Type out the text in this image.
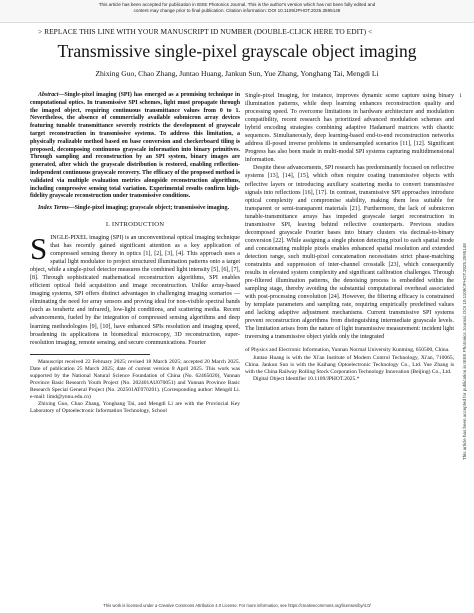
This article has been accepted for publication in IEEE Photonics Journal. This is the author's version which has not been fully edited and
content may change prior to final publication. Citation information: DOI 10.1109/JPHOT.2025.3595148
> REPLACE THIS LINE WITH YOUR MANUSCRIPT ID NUMBER (DOUBLE-CLICK HERE TO EDIT) <
Transmissive single-pixel grayscale object imaging
Zhixing Guo, Chao Zhang, Juntao Huang, Jankun Sun, Yue Zhang, Yonghang Tai, Mengdi Li
1

Abstract—Single-pixel imaging (SPI) has emerged as a promising technique in computational optics. In transmissive SPI schemes, light must propagate through the imaged object, requiring continuous transmittance values from 0 to 1. Nevertheless, the absence of commercially available submicron array devices featuring tunable transmittance severely restricts the development of grayscale target reconstruction in transmissive systems. To address this limitation, a physically realizable method based on base conversion and checkerboard tiling is proposed, decomposing continuous grayscale information into binary primitives. Through sampling and reconstruction by an SPI system, binary images are generated, after which the grayscale distribution is restored, enabling reflection-independent continuous grayscale recovery. The efficacy of the proposed method is validated via multiple evaluation metrics alongside reconstruction algorithms, including compressive sensing total variation. Experimental results confirm high-fidelity grayscale reconstruction under transmissive conditions.

Index Terms—Single-pixel imaging; grayscale object; transmissive imaging.

I. INTRODUCTION

SINGLE-PIXEL imaging (SPI) is an unconventional optical imaging technique that has recently gained significant attention as a key application of compressed sensing theory in optics [1], [2], [3], [4]. This approach uses a spatial light modulator to project structured illumination patterns onto a target object, while a single-pixel detector measures the combined light intensity [5], [6], [7], [8]. Through sophisticated mathematical reconstruction algorithms, SPI enables efficient optical field acquisition and image reconstruction. Unlike array-based imaging systems, SPI offers distinct advantages in challenging imaging scenarios — eliminating the need for array sensors and proving ideal for non-visible spectral bands (such as terahertz and infrared), low-light conditions, and scattering media. Recent advancements, fueled by the integration of compressed sensing algorithms and deep learning methodologies [9], [10], have enhanced SPIs resolution and imaging speed, broadening its applications in biomedical microscopy, 3D reconstruction, super-resolution imaging, remote sensing, and secure communications. Fourier

Manuscript received 22 February 2025; revised 18 March 2025; accepted 20 March 2025. Date of publication 25 March 2025; date of current version 8 April 2025. This work was supported by the National Natural Science Foundation of China (No. 62465020), Yunnan Province Basic Research Youth Project (No. 202401AU070051) and Yunnan Province Basic Research Special General Project (No. 202501AT070201). (Corresponding author: Mengdi Li. e-mail: limd@ynnu.edu.cn)

Zhixing Guo, Chao Zhang, Yonghang Tai, and Mengdi Li are with the Provincial Key Laboratory of Optoelectronic Information Technology, School

Single-pixel Imaging, for instance, improves dynamic scene capture using binary illumination patterns, while deep learning enhances reconstruction quality and processing speed. To overcome limitations in hardware architecture and modulation compatibility, recent research has prioritized advanced modulation schemes and hybrid encoding strategies combining adaptive Hadamard matrices with chaotic sequences. Simultaneously, deep learning-based end-to-end reconstruction networks address ill-posed inverse problems in undersampled scenarios [11], [12]. Significant Progress has also been made in multi-modal SPI systems capturing multidimensional information.

Despite these advancements, SPI research has predominantly focused on reflective systems [13], [14], [15], which often require coating transmissive objects with reflective layers or introducing auxiliary scattering media to convert transmissive signals into reflections [16], [17]. In contrast, transmissive SPI approaches introduce optical complexity and compromise stability, making them less suitable for transparent or semi-transparent materials [21]. Furthermore, the lack of submicron tunable-transmittance arrays has impeded grayscale target reconstruction in transmissive SPI, leaving behind reflective counterparts. Previous studies decomposed grayscale Fourier bases into binary clusters via decimal-to-binary conversion [22]. While assigning a single photon detecting pixel to each spatial mode and concatenating multiple pixels enables enhanced spatial resolution and extended detection range, such multi-pixel concatenation necessitates strict phase-matching constraints and suppression of inter-channel crosstalk [23], which consequently results in elevated system complexity and significant calibration challenges. Through pre-filtered illumination patterns, the denoising process is embedded within the sampling stage, thereby avoiding the substantial computational overhead associated with post-processing convolution [24]. However, the filtering efficacy is constrained by template parameters and sampling rate, requiring empirically predefined values and lacking adaptive adjustment mechanisms. Current transmissive SPI systems prevent reconstruction algorithms from distinguishing intermediate grayscale levels. The limitation arises from the nature of light transmissive measurement: incident light traversing a transmissive object yields only the integrated

of Physics and Electronic Information, Yunnan Normal University Kunming, 650500, China.

Juntao Huang is with the Xi'an Institute of Modern Control Technology, Xi'an, 710065, China. Jankun Sun is with the Kaihang Optoelectronic Technology Co., Ltd. Yue Zhang is with the China Railway Rolling Stock Corporation Technology Innovation (Beijing) Co., Ltd.

Digital Object Identifier 10.1109/JPHOT.2025.*	This article has been accepted for publication in IEEE Photonics Journal. DOI 10.1109/JPHOT.2025.3595148
This work is licensed under a Creative Commons Attribution 4.0 License. For more information, see https://creativecommons.org/licenses/by/4.0/
